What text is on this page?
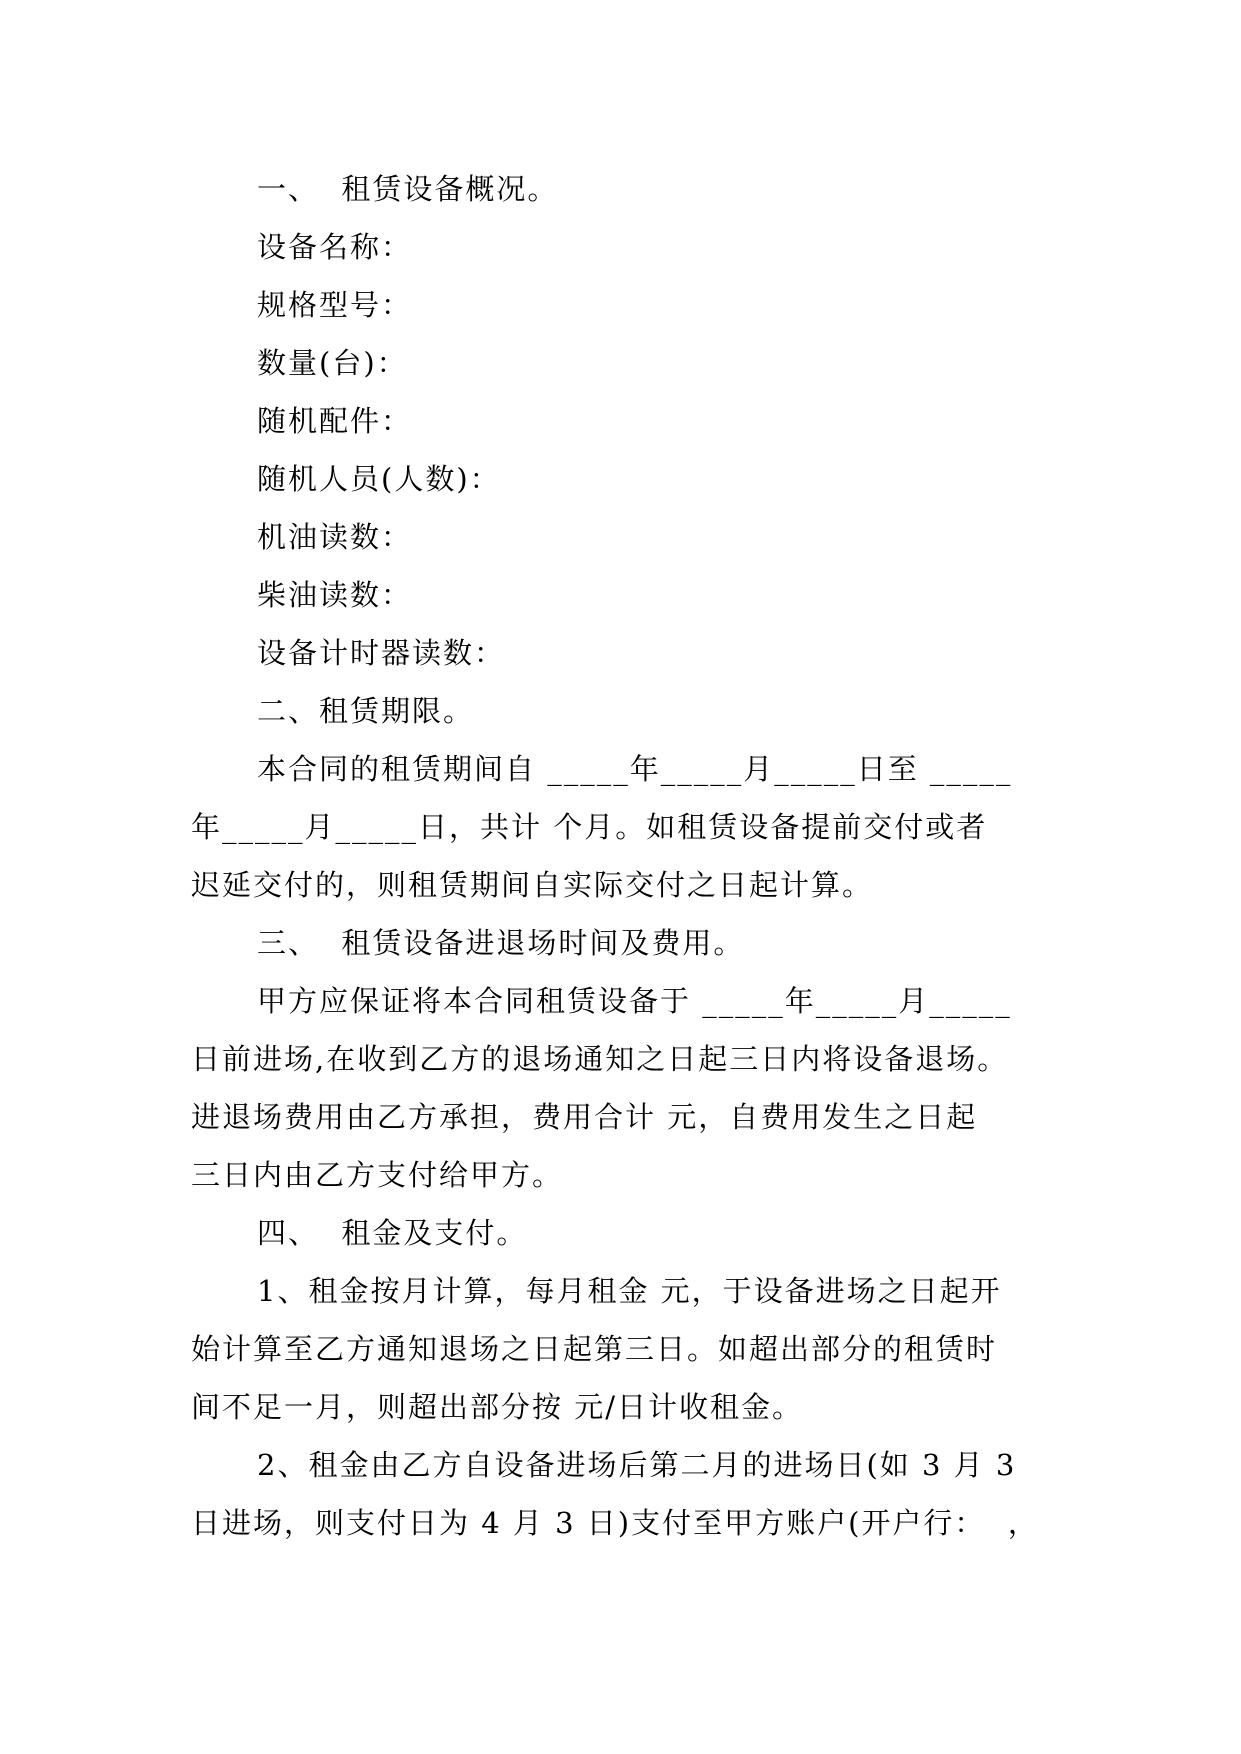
一、  租赁设备概况。

设备名称：

规格型号：

数量(台)：

随机配件：

随机人员(人数)：

机油读数：

柴油读数：

设备计时器读数：

二、租赁期限。

本合同的租赁期间自 _____年_____月_____日至 _____

年_____月_____日，共计 个月。如租赁设备提前交付或者

迟延交付的，则租赁期间自实际交付之日起计算。

三、  租赁设备进退场时间及费用。

甲方应保证将本合同租赁设备于 _____年_____月_____

日前进场,在收到乙方的退场通知之日起三日内将设备退场。

进退场费用由乙方承担，费用合计 元，自费用发生之日起

三日内由乙方支付给甲方。

四、  租金及支付。

1、租金按月计算，每月租金 元，于设备进场之日起开

始计算至乙方通知退场之日起第三日。如超出部分的租赁时

间不足一月，则超出部分按 元/日计收租金。

2、租金由乙方自设备进场后第二月的进场日(如 3 月 3

日进场，则支付日为 4 月 3 日)支付至甲方账户(开户行：  ，
